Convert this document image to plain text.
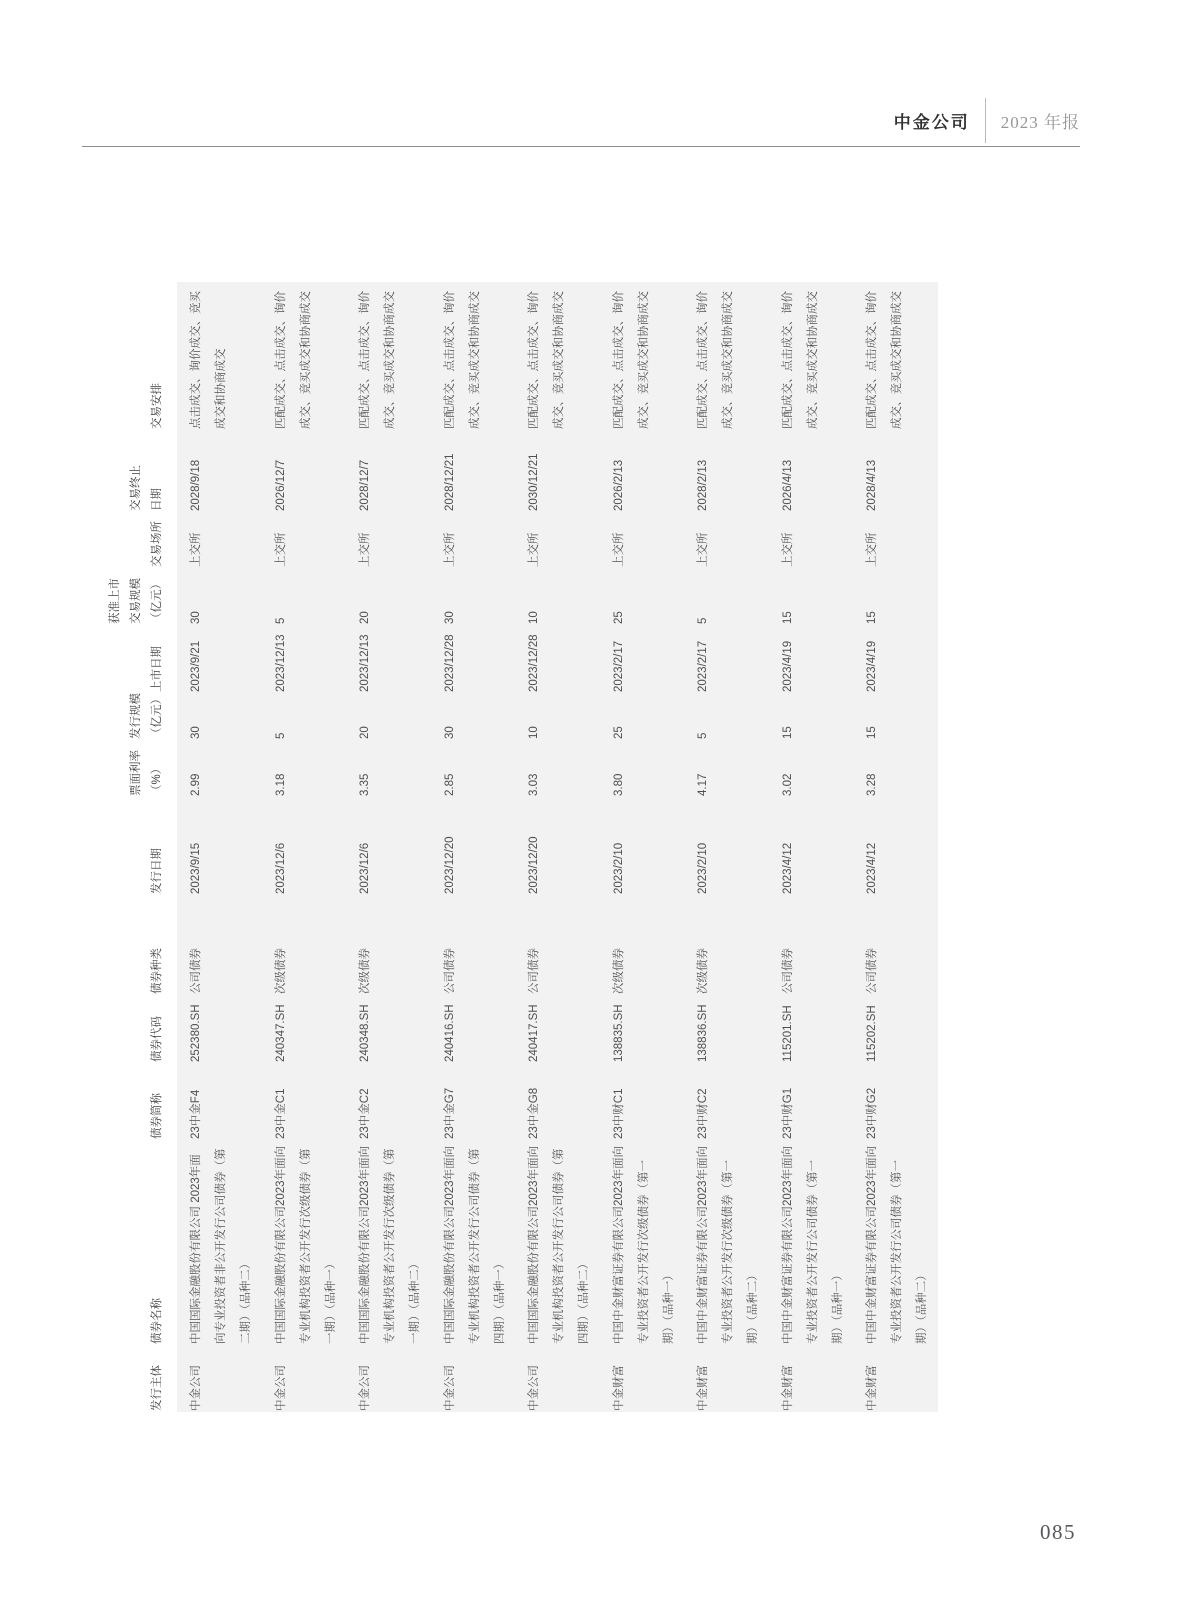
中金公司 2023 年报
发行主体	债券名称	债券简称	债券代码	债券种类	发行日期	票面利率 （%）	发行规模 （亿元）	上市日期	获准上市 交易规模 （亿元）	交易场所	交易终止 日期	交易安排
中金公司	中国国际金融股份有限公司 2023年面向专业投资者非公开发行公司债券（第二期）（品种二）	23中金F4	252380.SH	公司债券	2023/9/15	2.99	30	2023/9/21	30	上交所	2028/9/18	点击成交、询价成交、竞买成交和协商成交
中金公司	中国国际金融股份有限公司2023年面向专业机构投资者公开发行次级债券（第一期）（品种一）	23中金C1	240347.SH	次级债券	2023/12/6	3.18	5	2023/12/13	5	上交所	2026/12/7	匹配成交、点击成交、询价成交、竞买成交和协商成交
中金公司	中国国际金融股份有限公司2023年面向专业机构投资者公开发行次级债券（第一期）（品种二）	23中金C2	240348.SH	次级债券	2023/12/6	3.35	20	2023/12/13	20	上交所	2028/12/7	匹配成交、点击成交、询价成交、竞买成交和协商成交
中金公司	中国国际金融股份有限公司2023年面向专业机构投资者公开发行公司债券（第四期）（品种一）	23中金G7	240416.SH	公司债券	2023/12/20	2.85	30	2023/12/28	30	上交所	2028/12/21	匹配成交、点击成交、询价成交、竞买成交和协商成交
中金公司	中国国际金融股份有限公司2023年面向专业机构投资者公开发行公司债券（第四期）（品种二）	23中金G8	240417.SH	公司债券	2023/12/20	3.03	10	2023/12/28	10	上交所	2030/12/21	匹配成交、点击成交、询价成交、竞买成交和协商成交
中金财富	中国中金财富证券有限公司2023年面向专业投资者公开发行次级债券（第一期）（品种一）	23中财C1	138835.SH	次级债券	2023/2/10	3.80	25	2023/2/17	25	上交所	2026/2/13	匹配成交、点击成交、询价成交、竞买成交和协商成交
中金财富	中国中金财富证券有限公司2023年面向专业投资者公开发行次级债券（第一期）（品种二）	23中财C2	138836.SH	次级债券	2023/2/10	4.17	5	2023/2/17	5	上交所	2028/2/13	匹配成交、点击成交、询价成交、竞买成交和协商成交
中金财富	中国中金财富证券有限公司2023年面向专业投资者公开发行公司债券（第一期）（品种一）	23中财G1	115201.SH	公司债券	2023/4/12	3.02	15	2023/4/19	15	上交所	2026/4/13	匹配成交、点击成交、询价成交、竞买成交和协商成交
中金财富	中国中金财富证券有限公司2023年面向专业投资者公开发行公司债券（第一期）（品种二）	23中财G2	115202.SH	公司债券	2023/4/12	3.28	15	2023/4/19	15	上交所	2028/4/13	匹配成交、点击成交、询价成交、竞买成交和协商成交
085
